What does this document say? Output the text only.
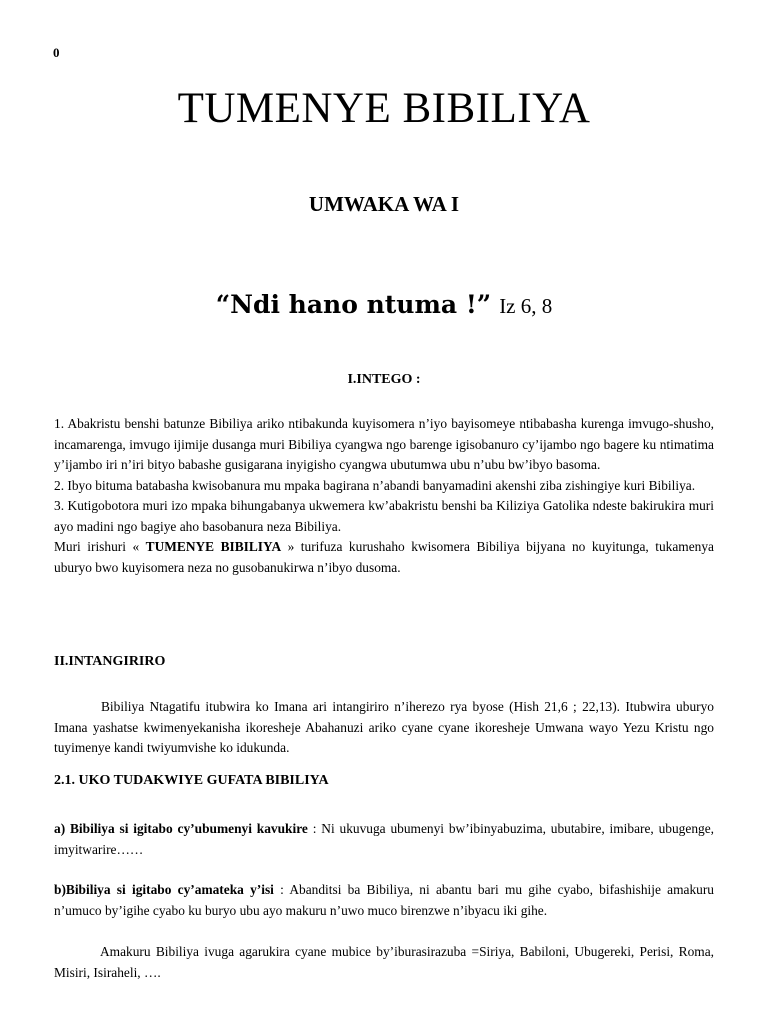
0
TUMENYE BIBILIYA
UMWAKA WA I
“Ndi hano ntuma !” Iz 6, 8
I.INTEGO :

1. Abakristu benshi batunze Bibiliya ariko ntibakunda kuyisomera n’iyo bayisomeye ntibabasha kurenga imvugo-shusho, incamarenga, imvugo ijimije dusanga muri Bibiliya cyangwa ngo barenge igisobanuro cy’ijambo ngo bagere ku ntimatima y’ijambo iri n’iri bityo babashe gusigarana inyigisho cyangwa ubutumwa ubu n’ubu bw’ibyo basoma.

2. Ibyo bituma batabasha kwisobanura mu mpaka bagirana n’abandi banyamadini akenshi ziba zishingiye kuri Bibiliya.

3. Kutigobotora muri izo mpaka bihungabanya ukwemera kw’abakristu benshi ba Kiliziya Gatolika ndeste bakirukira muri ayo madini ngo bagiye aho basobanura neza Bibiliya.

Muri irishuri « TUMENYE BIBILIYA » turifuza kurushaho kwisomera Bibiliya bijyana no kuyitunga, tukamenya uburyo bwo kuyisomera neza no gusobanukirwa n’ibyo dusoma.

II.INTANGIRIRO

Bibiliya Ntagatifu itubwira ko Imana ari intangiriro n’iherezo rya byose (Hish 21,6 ; 22,13). Itubwira uburyo Imana yashatse kwimenyekanisha ikoresheje Abahanuzi ariko cyane cyane ikoresheje Umwana wayo Yezu Kristu ngo tuyimenye kandi twiyumvishe ko idukunda.

2.1. UKO TUDAKWIYE GUFATA BIBILIYA

a) Bibiliya si igitabo cy’ubumenyi kavukire : Ni ukuvuga ubumenyi bw’ibinyabuzima, ubutabire, imibare, ubugenge, imyitwarire……

b)Bibiliya si igitabo cy’amateka y’isi : Abanditsi ba Bibiliya, ni abantu bari mu gihe cyabo, bifashishije amakuru n’umuco by’igihe cyabo ku buryo ubu ayo makuru n’uwo muco birenzwe n’ibyacu iki gihe.

Amakuru Bibiliya ivuga agarukira cyane mubice by’iburasirazuba =Siriya, Babiloni, Ubugereki, Perisi, Roma, Misiri, Isiraheli, ….
